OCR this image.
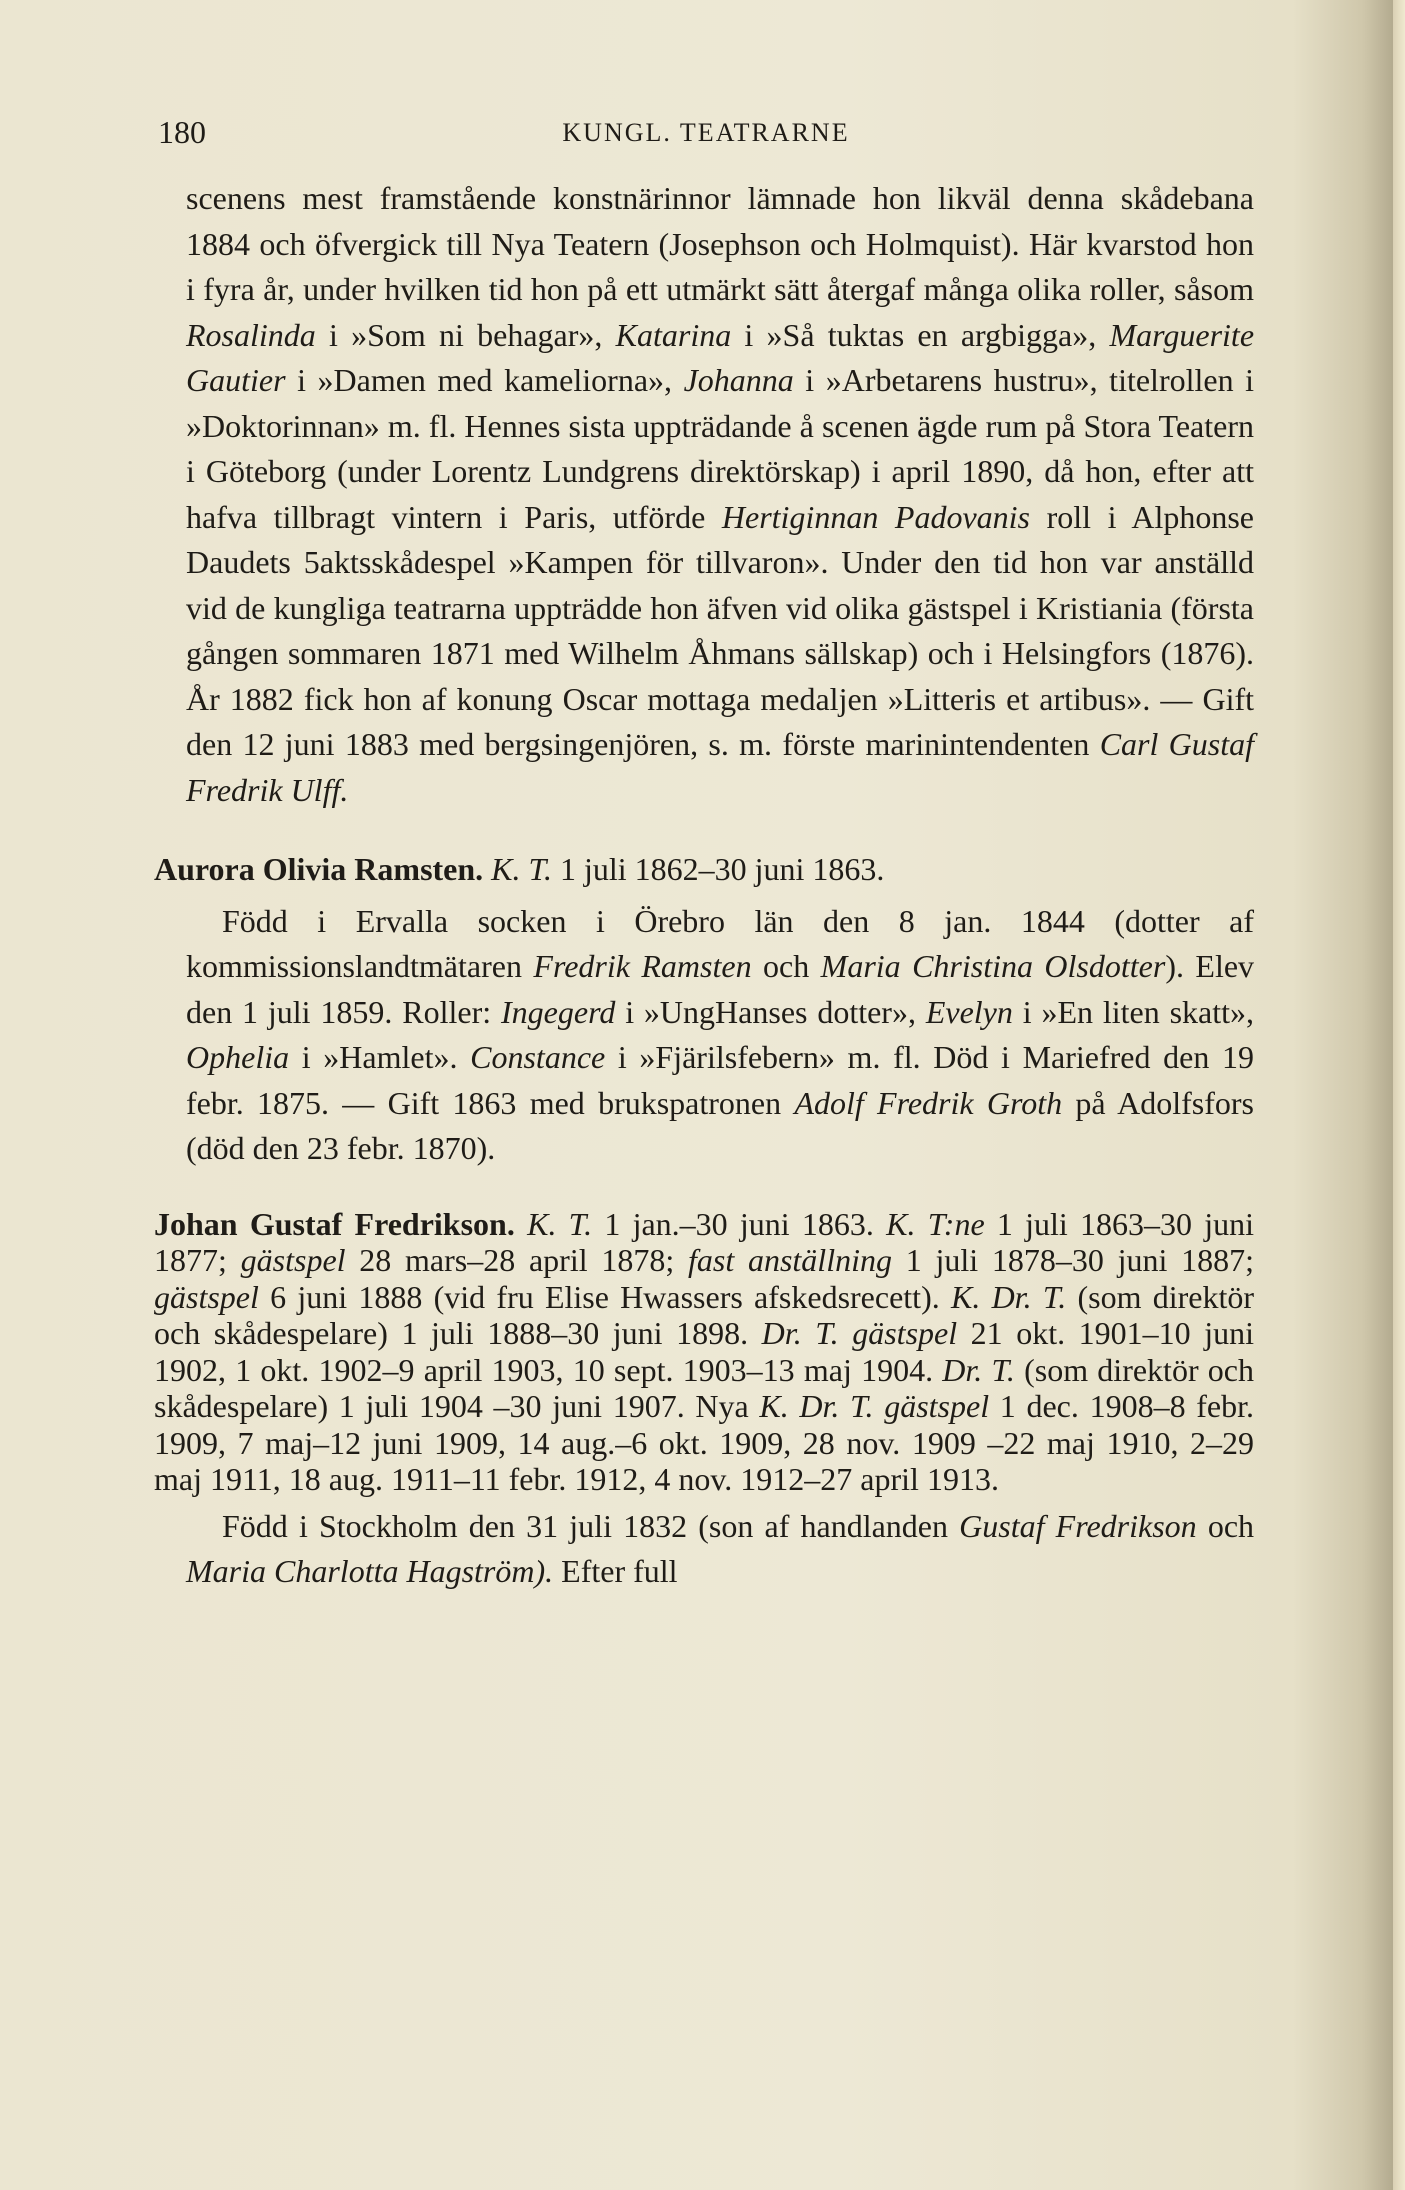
180	KUNGL. TEATRARNE

scenens mest framstående konstnärinnor lämnade hon likväl denna skådebana 1884 och öfvergick till Nya Teatern (Josephson och Holmquist). Här kvarstod hon i fyra år, under hvilken tid hon på ett utmärkt sätt återgaf många olika roller, såsom Rosalinda i »Som ni behagar», Katarina i »Så tuktas en argbigga», Marguerite Gautier i »Damen med kameliorna», Johanna i »Arbetarens hustru», titelrollen i »Doktorinnan» m. fl. Hennes sista uppträdande å scenen ägde rum på Stora Teatern i Göteborg (under Lorentz Lundgrens direktörskap) i april 1890, då hon, efter att hafva tillbragt vintern i Paris, utförde Hertiginnan Padovanis roll i Alphonse Daudets 5aktsskådespel »Kampen för tillvaron». Under den tid hon var anställd vid de kungliga teatrarna uppträdde hon äfven vid olika gästspel i Kristiania (första gången sommaren 1871 med Wilhelm Åhmans sällskap) och i Helsingfors (1876). År 1882 fick hon af konung Oscar mottaga medaljen »Litteris et artibus». — Gift den 12 juni 1883 med bergsingenjören, s. m. förste marinintendenten Carl Gustaf Fredrik Ulff.

Aurora Olivia Ramsten. K. T. 1 juli 1862–30 juni 1863.

Född i Ervalla socken i Örebro län den 8 jan. 1844 (dotter af kommissionslandtmätaren Fredrik Ramsten och Maria Christina Olsdotter). Elev den 1 juli 1859. Roller: Ingegerd i »UngHanses dotter», Evelyn i »En liten skatt», Ophelia i »Hamlet». Constance i »Fjärilsfebern» m. fl. Död i Mariefred den 19 febr. 1875. — Gift 1863 med brukspatronen Adolf Fredrik Groth på Adolfsfors (död den 23 febr. 1870).

Johan Gustaf Fredrikson. K. T. 1 jan.–30 juni 1863. K. T:ne 1 juli 1863–30 juni 1877; gästspel 28 mars–28 april 1878; fast anställning 1 juli 1878–30 juni 1887; gästspel 6 juni 1888 (vid fru Elise Hwassers afskedsrecett). K. Dr. T. (som direktör och skådespelare) 1 juli 1888–30 juni 1898. Dr. T. gästspel 21 okt. 1901–10 juni 1902, 1 okt. 1902–9 april 1903, 10 sept. 1903–13 maj 1904. Dr. T. (som direktör och skådespelare) 1 juli 1904 –30 juni 1907. Nya K. Dr. T. gästspel 1 dec. 1908–8 febr. 1909, 7 maj–12 juni 1909, 14 aug.–6 okt. 1909, 28 nov. 1909 –22 maj 1910, 2–29 maj 1911, 18 aug. 1911–11 febr. 1912, 4 nov. 1912–27 april 1913.

Född i Stockholm den 31 juli 1832 (son af handlanden Gustaf Fredrikson och Maria Charlotta Hagström). Efter full
